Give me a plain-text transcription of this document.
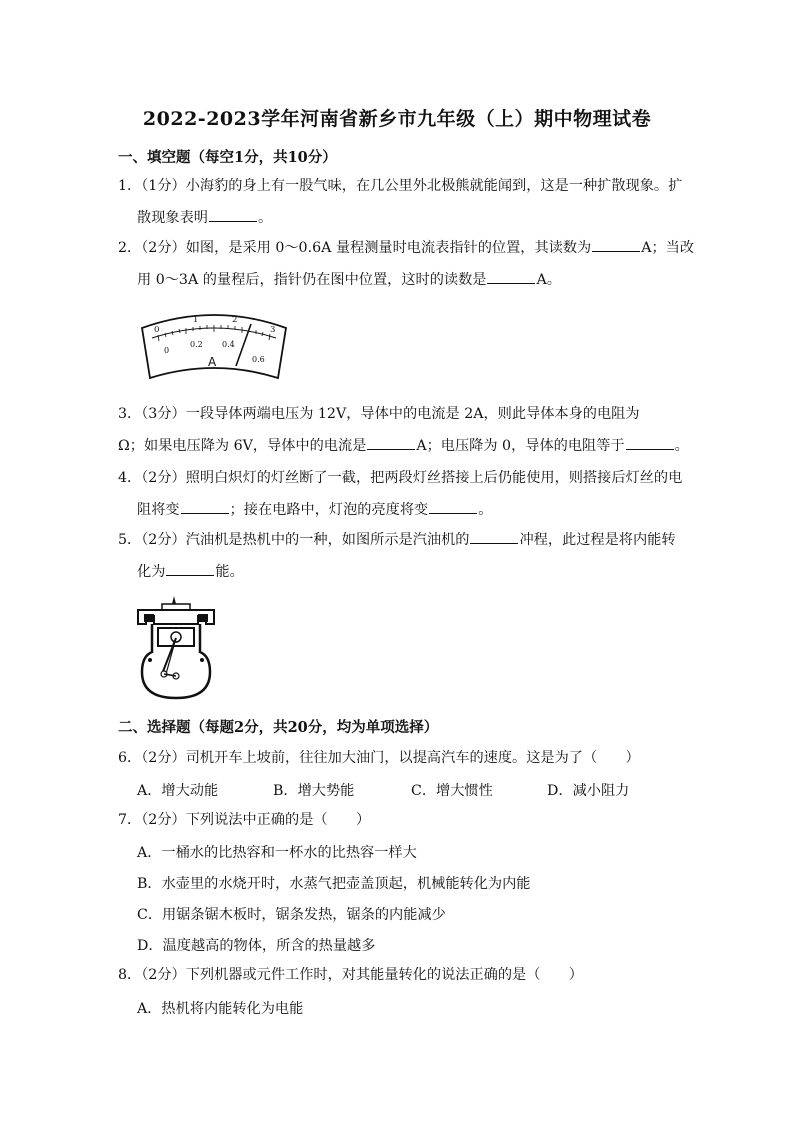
2022-2023学年河南省新乡市九年级（上）期中物理试卷
一、填空题（每空1分，共10分）
1．（1分）小海豹的身上有一股气味，在几公里外北极熊就能闻到，这是一种扩散现象。扩
散现象表明	。
2．（2分）如图，是采用 0～0.6A 量程测量时电流表指针的位置，其读数为	A；当改
用 0～3A 的量程后，指针仍在图中位置，这时的读数是	A。
0
1	2
3
0
0.2 0.4
0.6
A
3．（3分）一段导体两端电压为 12V，导体中的电流是 2A，则此导体本身的电阻为
Ω；如果电压降为 6V，导体中的电流是	A；电压降为 0，导体的电阻等于	。
4．（2分）照明白炽灯的灯丝断了一截，把两段灯丝搭接上后仍能使用，则搭接后灯丝的电
阻将变	；接在电路中，灯泡的亮度将变	。
5．（2分）汽油机是热机中的一种，如图所示是汽油机的	冲程，此过程是将内能转
化为	能。
二、选择题（每题2分，共20分，均为单项选择）
6．（2分）司机开车上坡前，往往加大油门，以提高汽车的速度。这是为了（　　）
A．增大动能	B．增大势能	C．增大惯性	D．减小阻力
7．（2分）下列说法中正确的是（　　）
A．一桶水的比热容和一杯水的比热容一样大
B．水壶里的水烧开时，水蒸气把壶盖顶起，机械能转化为内能
C．用锯条锯木板时，锯条发热，锯条的内能减少
D．温度越高的物体，所含的热量越多
8．（2分）下列机器或元件工作时，对其能量转化的说法正确的是（　　）
A．热机将内能转化为电能
